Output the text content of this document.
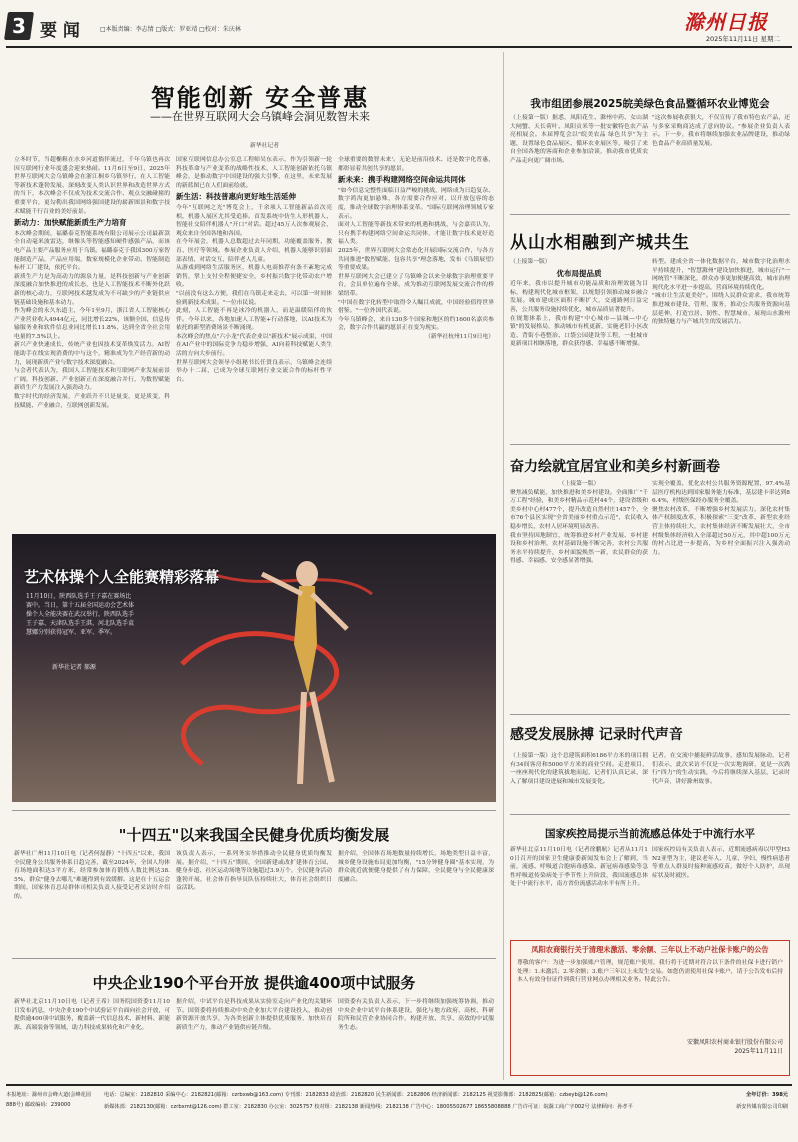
3 要 闻	□本版责编：李志情 □版式：罗亚靖 □校对：朱庆林	滁州日报
2025年11月11日 星期二
智能创新 安全普惠
——在世界互联网大会乌镇峰会洞见数智未来
新华社记者

立冬时节，当超椭粗在水乡河道徜徉流过，千年乌镇也再次因互联网行业年度盛会迎来热闹。11月6日至9日，2025年世界互联网大会乌镇峰会在浙江桐乡乌镇举行，在人工智能等新技术蓬勃发展、深刻改变人类认识世界和改造世界方式的当下，本次峰会不仅成为技术交流合作、观点交融碰撞的重要平台，更勾勒出我国网络强国建设的崭新图景和数字技术赋能千行百业的美好前景。

新动力：加快赋能新质生产力培育

本次峰会期间，福璐泰克智能系统有限公司展示公司最新款全自动毫米波雷达，继像头等智能感知硬件感强产品，而该电产品主要产品服务应用于乌镇。福璐泰克于我国300万家智能制造产品，产品应用端，数家规模化企业带动、智能制造标杆工厂建设，依托平台。

新质生产力是为高动力的源泉力量，是科技创新与产业创新深度融合加快推进的成长态，也是人工智能技术不断外化跃新的核心动力，互联网技术越发成为不可缺少的产业链供应链基础设施和基本动力。

作为峰会的永久东道主，今年1至9月，浙江省人工智能核心产业营业收入4944亿元，同比增长22%，该额全国，信息传输服务业和软件信息业同比增长11.8%，达到全省全社会用电量的7.5%以上。

新兴产业快速成长，传统产业也因技术变革焕发活力。AI智能助手在线实现消费的中与这个，精准成为生产经营新的动力，展现新质产业与数字技术深度融合。

与会者代表认为，我国人工智能技术和互联网产业发展前景广阔，科技创新、产业创新正在深度融合并行，为数智赋能新质生产力发展注入强劲动力。

数字时代的经济发展，产业跃升不只是量变，更是质变，科技赋能、产业融合，互联网创新发展。

国家互联网信息办公室总工程师吴东表示，作为引领新一轮科技革命与产业变革的战略性技术，人工智能创新依托乌镇峰会，是推动数字中国建设的强大引擎，在这里，未来发展的新蓝图已在人们面前绘就。

新生活：科技普惠向更好地生活延伸

今年"互联网之光"博览会上，千余项人工智能新品首次亮相，机器人展区尤其受追捧。首发系统中仿生人形机器人、智能社交陪伴机器人"开口"对话。超过45万人次参观展会，观众来自全国各地和各国。

在今年展会，机器人总数超过去年同期，功能覆盖服务、教育、医疗等领域。参展企业负责人介绍，机器人能够识别面部表情、对话交互，陪伴老人儿童。

从游戏到网络生活服务区，机器人电商推荐有条不紊地完成销售，掌上支付全程便捷安全，乡村振兴数字化带动农户增收。

"以前没有这么方便，我们在乌镇走来走去，可以第一时间体验到新技术成果。"一位市民说。

此刻，人工智能不再是冰冷的机器人，而是温暖陪伴的伙伴。今年以来，各地加速人工智能+行动落地，以AI技术为依托的新型消费场景不断涌现。

本次峰会的焦点"六小龙"代表企业以"新技术"展示成果，中国在AI产业中的国际竞争力稳步增强，AI向着科技赋能人类生活的方向大步前行。

世界互联网大会领导小组秘书长任贤良表示，乌镇峰会连续举办十二届，已成为全球互联网行业交流合作的标杆性平台。

全球重要的数智未来'。无论是前沿技术、还是数字化普惠，都彰显着共创共享的愿景。

新未来：携手构建网络空间命运共同体

"如今信息完整性面临日益严峻的挑战，网络成为日趋复杂、数字鸿沟更加悬殊，各方需要合作应对，以开放包容的态度，推动全球数字治理体系变革。"国际互联网治理领域专家表示。

面对人工智能等新技术带来的机遇和挑战，与会嘉宾认为，只有携手构建网络空间命运共同体，才能让数字技术更好造福人类。

2025年，世界互联网大会常态化开展国际交流合作，与各方共同推进"数智赋能、包容共享"理念落地，发布《乌镇展望》等重要成果。

世界互联网大会已建立了乌镇峰会以来全球数字治理重要平台，会员单位遍布全球，成为推动互联网发展交流合作的桥梁纽带。

"中国在数字化转型中取得令人瞩目成就，中国经验值得世界借鉴。"一位外国代表说。

今年乌镇峰会，来自130多个国家和地区的约1600名嘉宾参会，数字合作共赢的愿景正在变为现实。

（新华社杭州11月9日电）

艺术体操个人全能赛精彩落幕
11月10日，陕西队选手王子嘉在赛场比赛中。当日，第十五届全国运动会艺术体操个人全能决赛在武汉举行，陕西队选手王子嘉、天津队选手王淇、河北队选手袁慧娜分别获得冠军、亚军、季军。
新华社记者 郝源
我市组团参展2025皖美绿色食品暨循环农业博览会
（上接第一版）据悉，凤阳花生、滁州中药、女山湖大闸蟹、天长荷叶、凤阳贡米等一批安徽特色农产品亮相展会。本届博览会以"皖美农品 绿色共享"为主题，设置绿色食品展区、循环农业展区等，吸引了来自全国各地的客商和企业参加洽谈，推动我市优质农产品走向更广阔市场。
"这次参展收获很大，不仅宣传了我市特色农产品，还与多家采购商达成了意向协议。"参展企业负责人表示。下一步，我市将继续加强农业品牌建设，推动绿色食品产业高质量发展。
从山水相融到产城共生

（上接第一版）

优布局提品质

近年来，我市以提升城市功能品质和治理效能为目标，构建现代化城市框架，以规划引领推动城乡融合发展。城市建成区面积不断扩大，交通路网日益完善，公共服务设施持续优化，城市品质显著提升。

在规划体系上，我市构建"中心城市—县城—中心镇"的发展格局，推动城市有机更新，实施老旧小区改造、背街小巷整治、口袋公园建设等工程，一批城市更新项目相继落地，群众获得感、幸福感不断增强。

转型。建成全省一体化数据平台，城市数字化治理水平持续提升，"智慧滁州"建设加快推进，城市运行"一网统管"不断深化，群众办事更加便捷高效，城市治理现代化水平进一步提高，营商环境持续优化。

"城市让生活更美好"。围绕人民群众需求，我市统筹推进城市建设、管理、服务，推动公共服务资源向基层延伸，打造宜居、韧性、智慧城市，展现山水滁州的独特魅力与产城共生的发展活力。

奋力绘就宜居宜业和美乡村新画卷

（上接第一版）

聚焦减负赋能，加快推进和美乡村建设。全面推广"千万工程"经验，和美乡村精品示范村44个，建设省级和美乡村中心村477个，提升改造自然村庄1457个，全市76个县区实现"全省美丽乡村重点示范"，农民收入稳步增长，农村人居环境明显改善。

我市坚持因地制宜，统筹推进乡村产业发展、乡村建设和乡村治理，农村基础设施不断完善，农村公共服务水平持续提升，乡村面貌焕然一新，农民群众的获得感、幸福感、安全感显著增强。

实现全覆盖，优化农村公共服务资源配置，97.4%基层医疗机构达到国家服务能力标准，基层建卡率达到86.4%，村级医保经办服务全覆盖。

聚焦农村改革，不断增强乡村发展活力。深化农村集体产权制度改革，积极探索"三变"改革，新型农业经营主体持续壮大，农村集体经济不断发展壮大，全市村级集体经济收入全部超过50万元，其中超100万元的村占比进一步提高，为乡村全面振兴注入强劲动力。

感受发展脉搏 记录时代声音
（上接第一版）这个总建筑面积6186平方米的项目拥有34间客房和5000平方米的商业空间。走进项目，一座座现代化的建筑拔地而起，记者们认真记录，深入了解项目建设进展和城市发展变化。
记者，在交流中捕捉鲜活故事，感知发展脉动，记者们表示，此次采访不仅是一次实地调研，更是一次践行"四力"的生动实践，今后将继续深入基层，记录时代声音，讲好滁州故事。
"十四五"以来我国全民健身优质均衡发展
新华社广州11月10日电（记者何磊静）"十四五"以来，我国全民健身公共服务体系日趋完善，截至2024年，全国人均体育场地面积达3平方米，经常参加体育锻炼人数比例达38.5%，群众"健身去哪儿"难题得到有效缓解。这是在十五运会期间，国家体育总局群体司相关负责人接受记者采访时介绍的。
该负责人表示，一系列务实举措推动全民健身优质均衡发展。据介绍，"十四五"期间，全国新建或改扩建体育公园、健身步道、社区运动场地等设施超过3.9万个，全民健身活动蓬勃开展，社会体育指导员队伍持续壮大，体育社会组织日益活跃。
据介绍，全国体育场地数量持续增长，场地类型日益丰富，城乡健身设施布局更加均衡，"15分钟健身圈"基本实现，为群众就近就便健身提供了有力保障，全民健身与全民健康深度融合。
中央企业190个平台开放 提供逾400项中试服务
新华社北京11月10日电（记者王希）国务院国资委11月10日发布消息，中央企业190个中试验证平台面向社会开放，可提供逾400项中试服务，覆盖新一代信息技术、新材料、新能源、高端装备等领域，助力科技成果转化和产业化。
据介绍，中试平台是科技成果从实验室走向产业化的关键环节。国资委将持续推动中央企业加大平台建设投入，推动创新资源开放共享，为各类创新主体提供优质服务，加快培育新质生产力，推动产业链供应链升级。
国资委有关负责人表示，下一步将继续加强统筹协调，推动中央企业中试平台体系建设，强化与地方政府、高校、科研院所和民营企业协同合作，构建开放、共享、高效的中试服务生态。
国家疾控局提示当前流感总体处于中流行水平
新华社北京11月10日电（记者徐鹏航）记者从11月10日召开的国家卫生健康委新闻发布会上了解到，当前，流感、呼吸道合胞病毒感染、新冠病毒感染等急性呼吸道传染病处于季节性上升阶段，我国流感总体处于中流行水平，南方省份流感活动水平有所上升。
国家疾控局有关负责人表示，近期流感病毒以甲型H3N2亚型为主，建议老年人、儿童、孕妇、慢性病患者等重点人群及时接种流感疫苗，做好个人防护，出现症状及时就医。
凤阳农商银行关于清理未激活、零余额、三年以上不动户社保卡账户的公告
尊敬的客户：为进一步加强账户管理，规范账户使用，我行将于近期对符合以下条件的社保卡进行销户处理：1.未激活；2.零余额；3.账户三年以上未发生交易。如您仍需使用社保卡账户，请于公告发布后持本人有效身份证件到我行营业网点办理相关业务。特此公告。
安徽凤阳农村商业银行股份有限公司
2025年11月11日
本报地址：滁州市会峰大道(会峰花园888号) 邮政编码：239000
电话：总编室：2182810 采编中心：2182821(邮箱：czrbxwb@163.com) 专刊部：2182833 政治部：2182820 民生新闻部：2182806 经济新闻部：2182125 视觉影像部：2182825(邮箱：czbeyb@126.com)
新媒体部：2182130(邮箱：czrbxmt@126.com) 群工室：2182830 办公室：3025757 校对组：2182138 新闻热线：2182138 广告中心：18005502677 18655808888 广告许可证：皖滁工商广字002号 法律顾问：孙孝平
全年订价：398元
新安传媒有限公司印刷
